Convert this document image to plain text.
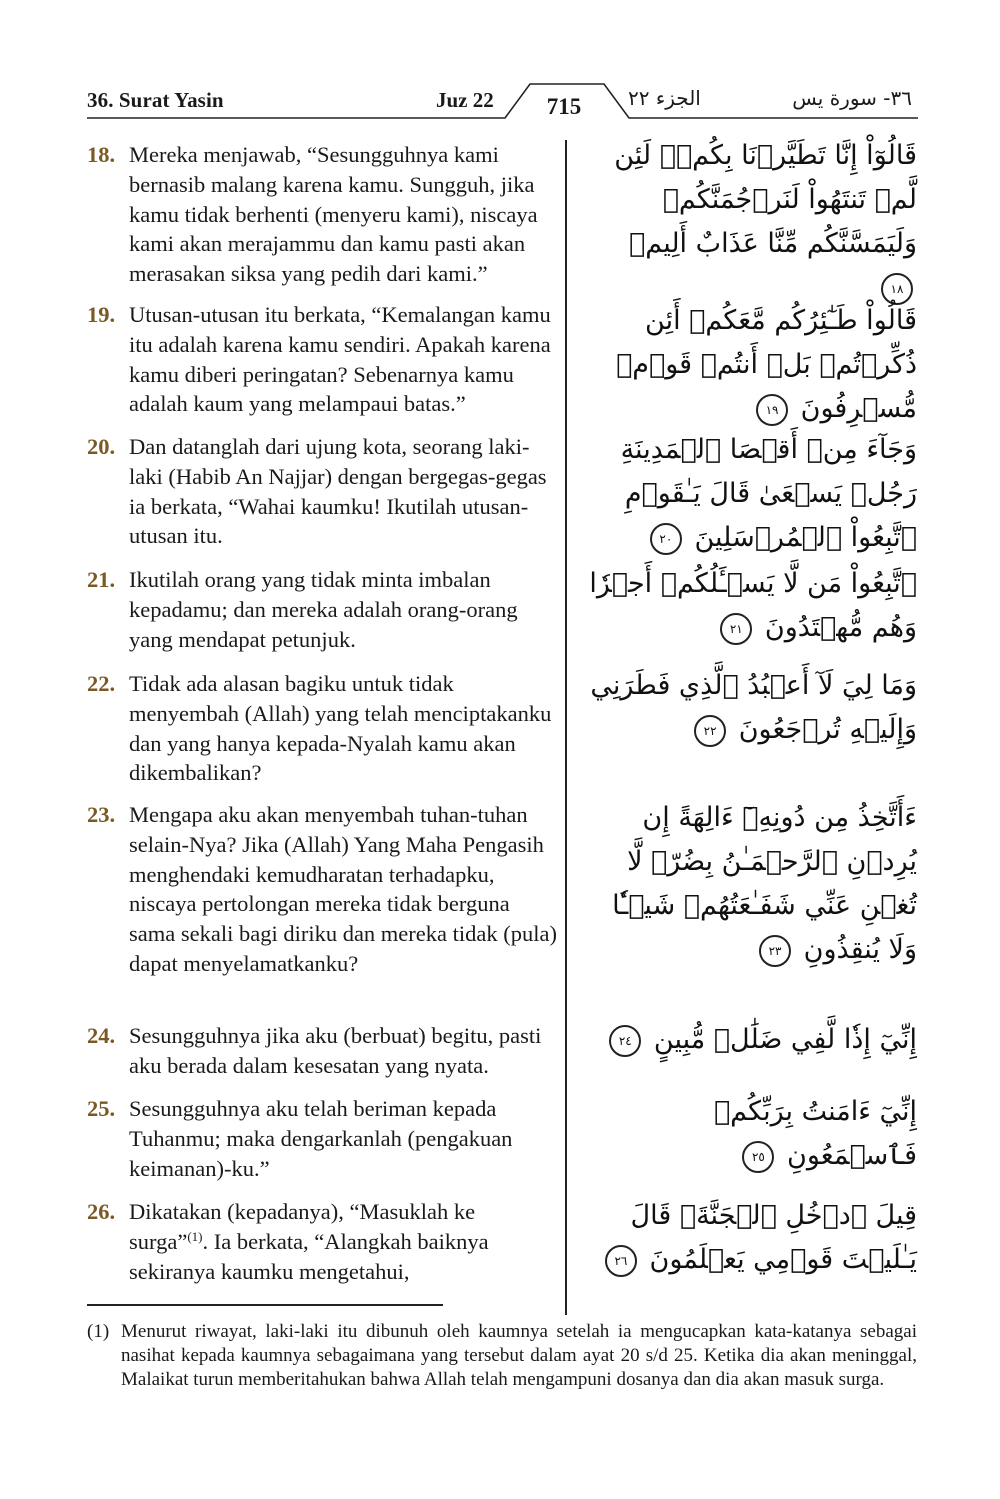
36. Surat Yasin	Juz 22	715	الجزء ٢٢	٣٦- سورة يس
18. Mereka menjawab, “Sesungguhnya kami bernasib malang karena kamu. Sungguh, jika kamu tidak berhenti (menyeru kami), niscaya kami akan merajammu dan kamu pasti akan merasakan siksa yang pedih dari kami.”
قَالُوٓاْ إِنَّا تَطَيَّرۡنَا بِكُمۡۖ لَئِن لَّمۡ تَنتَهُواْ لَنَرۡجُمَنَّكُمۡ وَلَيَمَسَّنَّكُم مِّنَّا عَذَابٌ أَلِيمٞ ١٨
19. Utusan-utusan itu berkata, “Kemalangan kamu itu adalah karena kamu sendiri. Apakah karena kamu diberi peringatan? Sebenarnya kamu adalah kaum yang melampaui batas.”
قَالُواْ طَـٰٓئِرُكُم مَّعَكُمۡ أَئِن ذُكِّرۡتُمۚ بَلۡ أَنتُمۡ قَوۡمٞ مُّسۡرِفُونَ ١٩
20. Dan datanglah dari ujung kota, seorang laki-laki (Habib An Najjar) dengan bergegas-gegas ia berkata, “Wahai kaumku! Ikutilah utusan-utusan itu.
وَجَآءَ مِنۡ أَقۡصَا ٱلۡمَدِينَةِ رَجُلٞ يَسۡعَىٰ قَالَ يَـٰقَوۡمِ ٱتَّبِعُواْ ٱلۡمُرۡسَلِينَ ٢٠
21. Ikutilah orang yang tidak minta imbalan kepadamu; dan mereka adalah orang-orang yang mendapat petunjuk.
ٱتَّبِعُواْ مَن لَّا يَسۡـَٔلُكُمۡ أَجۡرٗا وَهُم مُّهۡتَدُونَ ٢١
22. Tidak ada alasan bagiku untuk tidak menyembah (Allah) yang telah menciptakanku dan yang hanya kepada-Nyalah kamu akan dikembalikan?
وَمَا لِيَ لَآ أَعۡبُدُ ٱلَّذِي فَطَرَنِي وَإِلَيۡهِ تُرۡجَعُونَ ٢٢
23. Mengapa aku akan menyembah tuhan-tuhan selain-Nya? Jika (Allah) Yang Maha Pengasih menghendaki kemudharatan terhadapku, niscaya pertolongan mereka tidak berguna sama sekali bagi diriku dan mereka tidak (pula) dapat menyelamatkanku?
ءَأَتَّخِذُ مِن دُونِهِۦٓ ءَالِهَةً إِن يُرِدۡنِ ٱلرَّحۡمَـٰنُ بِضُرّٖ لَّا تُغۡنِ عَنِّي شَفَـٰعَتُهُمۡ شَيۡـٔٗا وَلَا يُنقِذُونِ ٢٣
24. Sesungguhnya jika aku (berbuat) begitu, pasti aku berada dalam kesesatan yang nyata.
إِنِّيٓ إِذٗا لَّفِي ضَلَٰلٖ مُّبِينٍ ٢٤
25. Sesungguhnya aku telah beriman kepada Tuhanmu; maka dengarkanlah (pengakuan keimanan)-ku.”
إِنِّيٓ ءَامَنتُ بِرَبِّكُمۡ فَٱسۡمَعُونِ ٢٥
26. Dikatakan (kepadanya), “Masuklah ke surga”$^{(1)}$. Ia berkata, “Alangkah baiknya sekiranya kaumku mengetahui,
قِيلَ ٱدۡخُلِ ٱلۡجَنَّةَۖ قَالَ يَـٰلَيۡتَ قَوۡمِي يَعۡلَمُونَ ٢٦
(1) Menurut riwayat, laki-laki itu dibunuh oleh kaumnya setelah ia mengucapkan kata-katanya sebagai nasihat kepada kaumnya sebagaimana yang tersebut dalam ayat 20 s/d 25. Ketika dia akan meninggal, Malaikat turun memberitahukan bahwa Allah telah mengampuni dosanya dan dia akan masuk surga.
